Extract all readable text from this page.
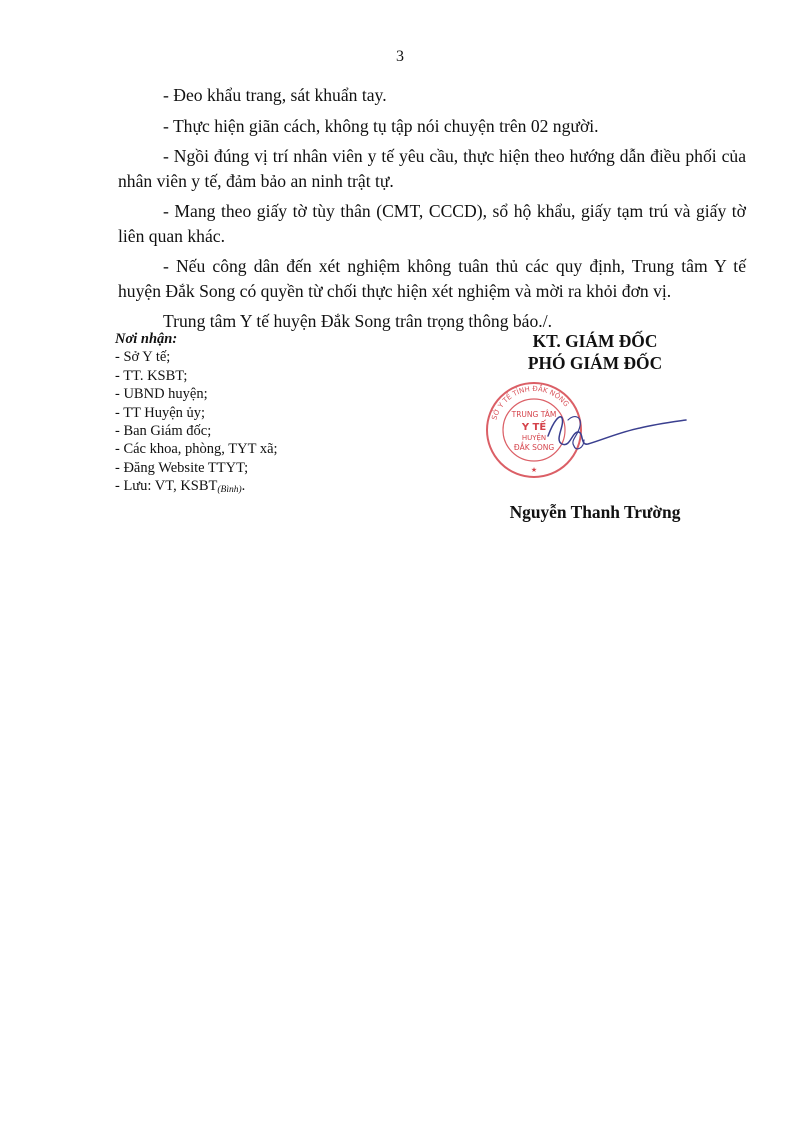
3

- Đeo khẩu trang, sát khuẩn tay.

- Thực hiện giãn cách, không tụ tập nói chuyện trên 02 người.

- Ngồi đúng vị trí nhân viên y tế yêu cầu, thực hiện theo hướng dẫn điều phối của nhân viên y tế, đảm bảo an ninh trật tự.

- Mang theo giấy tờ tùy thân (CMT, CCCD), sổ hộ khẩu, giấy tạm trú và giấy tờ liên quan khác.

- Nếu công dân đến xét nghiệm không tuân thủ các quy định, Trung tâm Y tế huyện Đắk Song có quyền từ chối thực hiện xét nghiệm và mời ra khỏi đơn vị.

Trung tâm Y tế huyện Đắk Song trân trọng thông báo./.

Nơi nhận:
- Sở Y tế;
- TT. KSBT;
- UBND huyện;
- TT Huyện ủy;
- Ban Giám đốc;
- Các khoa, phòng, TYT xã;
- Đăng Website TTYT;
- Lưu: VT, $KSBT_{(Bình)}$.
KT. GIÁM ĐỐC
PHÓ GIÁM ĐỐC
SỞ Y TẾ TỈNH ĐẮK NÔNG
TRUNG TÂM
Y TẾ
HUYỆN
ĐẮK SONG
★
Nguyễn Thanh Trường
